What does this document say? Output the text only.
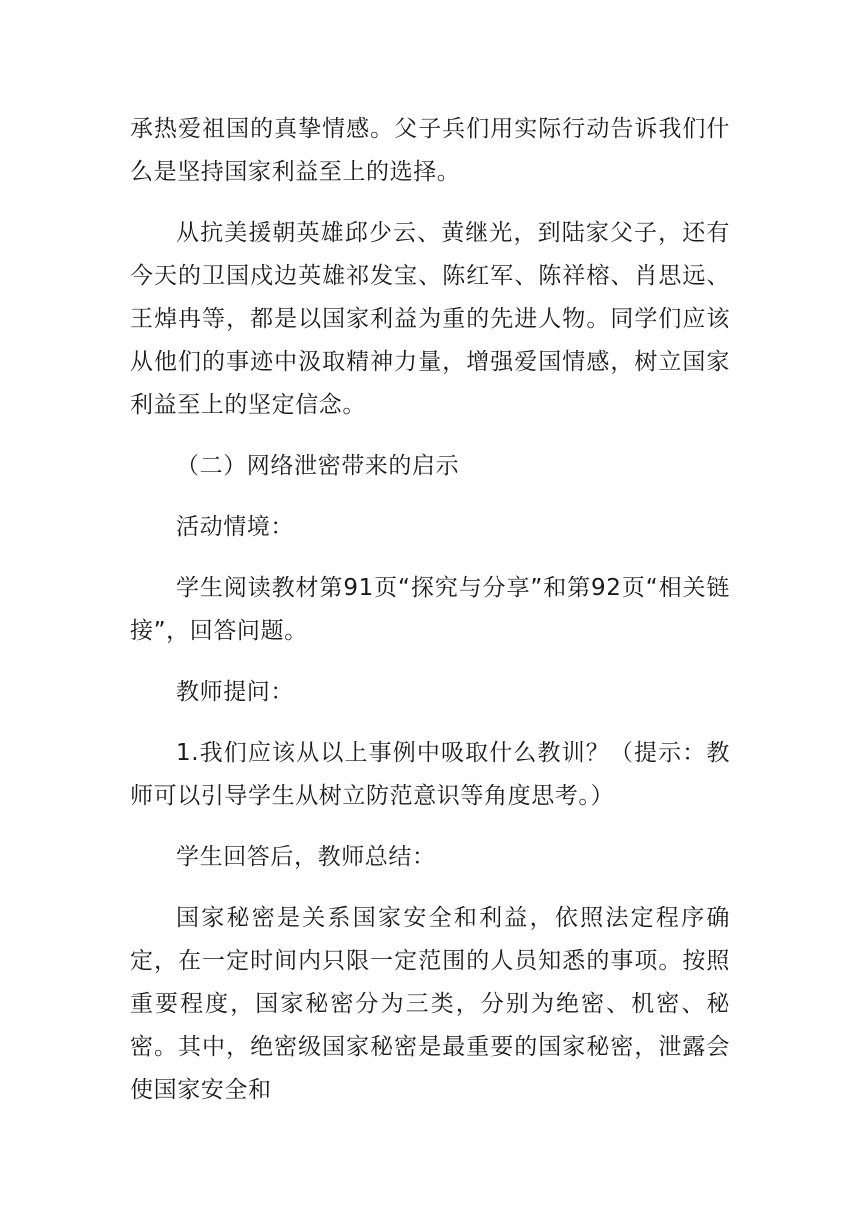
承热爱祖国的真挚情感。父子兵们用实际行动告诉我们什么是坚持国家利益至上的选择。

从抗美援朝英雄邱少云、黄继光，到陆家父子，还有今天的卫国戍边英雄祁发宝、陈红军、陈祥榕、肖思远、王焯冉等，都是以国家利益为重的先进人物。同学们应该从他们的事迹中汲取精神力量，增强爱国情感，树立国家利益至上的坚定信念。

（二）网络泄密带来的启示

活动情境：

学生阅读教材第91页“探究与分享”和第92页“相关链接”，回答问题。

教师提问：

1.我们应该从以上事例中吸取什么教训？（提示：教师可以引导学生从树立防范意识等角度思考。）

学生回答后，教师总结：

国家秘密是关系国家安全和利益，依照法定程序确定，在一定时间内只限一定范围的人员知悉的事项。按照重要程度，国家秘密分为三类，分别为绝密、机密、秘密。其中，绝密级国家秘密是最重要的国家秘密，泄露会使国家安全和
